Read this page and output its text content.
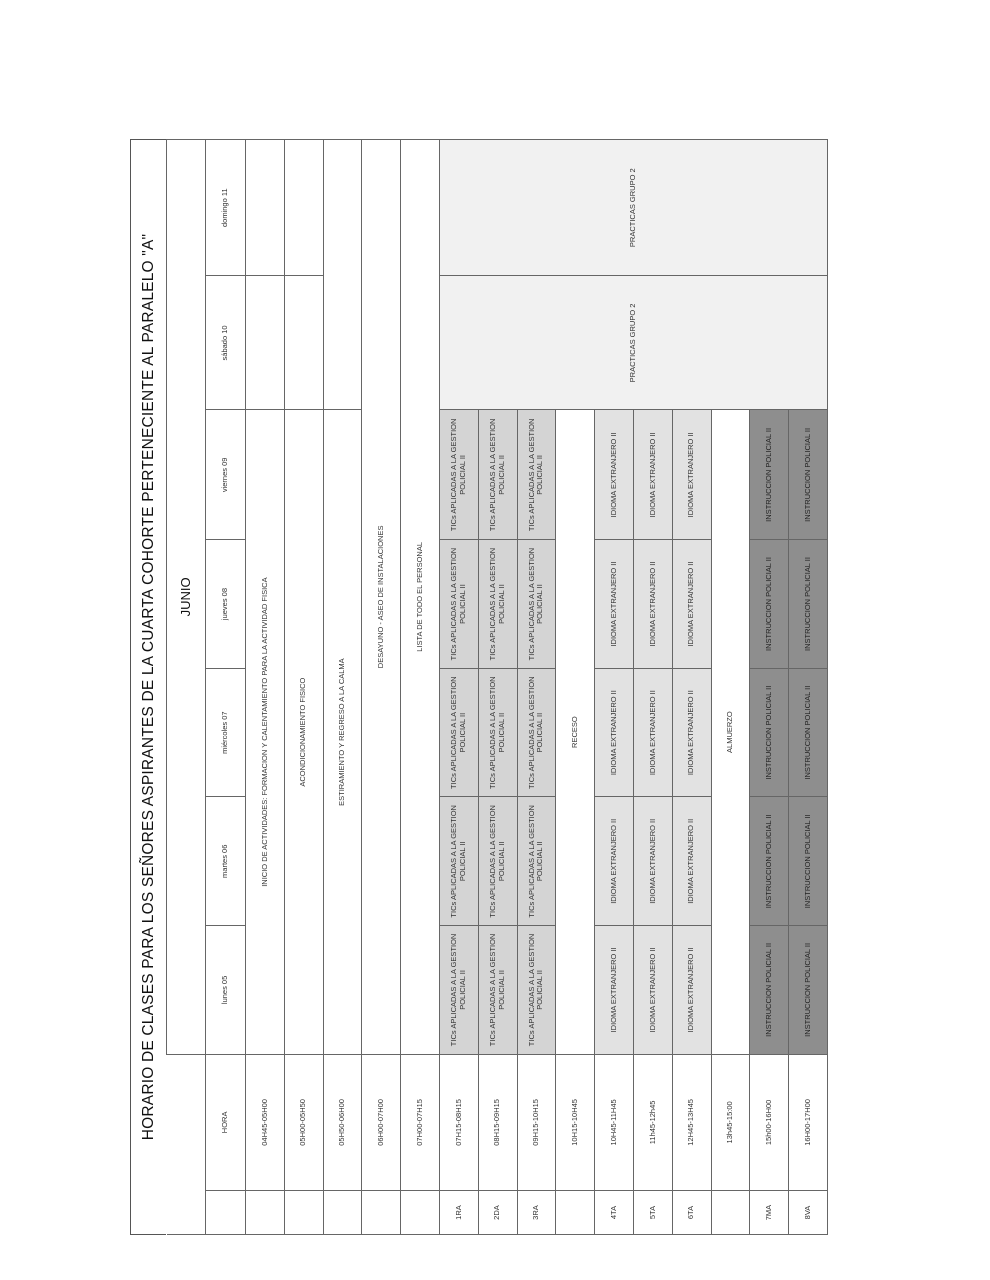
HORARIO DE CLASES PARA LOS SEÑORES ASPIRANTES DE LA CUARTA COHORTE PERTENECIENTE AL PARALELO "A"
		JUNIO						
	HORA	lunes 05	martes 06	miércoles 07	jueves 08	viernes 09	sábado 10	domingo 11
	04H45-05H00	INICIO DE ACTIVIDADES: FORMACION Y CALENTAMIENTO PARA LA ACTIVIDAD FISICA						
	05H00-05H50	ACONDICIONAMIENTO FISICO						
	05H50-06H00	ESTIRAMIENTO Y REGRESO A LA CALMA						
	06H00-07H00	DESAYUNO - ASEO DE INSTALACIONES						
	07H00-07H15	LISTA DE TODO EL PERSONAL						
1RA	07H15-08H15	TICs APLICADAS A LA GESTION POLICIAL II	TICs APLICADAS A LA GESTION POLICIAL II	TICs APLICADAS A LA GESTION POLICIAL II	TICs APLICADAS A LA GESTION POLICIAL II	TICs APLICADAS A LA GESTION POLICIAL II	PRACTICAS GRUPO 2	PRACTICAS GRUPO 2
2DA	08H15-09H15	TICs APLICADAS A LA GESTION POLICIAL II	TICs APLICADAS A LA GESTION POLICIAL II	TICs APLICADAS A LA GESTION POLICIAL II	TICs APLICADAS A LA GESTION POLICIAL II	TICs APLICADAS A LA GESTION POLICIAL II		
3RA	09H15-10H15	TICs APLICADAS A LA GESTION POLICIAL II	TICs APLICADAS A LA GESTION POLICIAL II	TICs APLICADAS A LA GESTION POLICIAL II	TICs APLICADAS A LA GESTION POLICIAL II	TICs APLICADAS A LA GESTION POLICIAL II		
	10H15-10H45	RECESO						
4TA	10H45-11H45	IDIOMA EXTRANJERO II	IDIOMA EXTRANJERO II	IDIOMA EXTRANJERO II	IDIOMA EXTRANJERO II	IDIOMA EXTRANJERO II		
5TA	11h45-12h45	IDIOMA EXTRANJERO II	IDIOMA EXTRANJERO II	IDIOMA EXTRANJERO II	IDIOMA EXTRANJERO II	IDIOMA EXTRANJERO II		
6TA	12H45-13H45	IDIOMA EXTRANJERO II	IDIOMA EXTRANJERO II	IDIOMA EXTRANJERO II	IDIOMA EXTRANJERO II	IDIOMA EXTRANJERO II		
	13h45-15:00	ALMUERZO						
7MA	15h00-16H00	INSTRUCCION POLICIAL II	INSTRUCCION POLICIAL II	INSTRUCCION POLICIAL II	INSTRUCCION POLICIAL II	INSTRUCCION POLICIAL II		
8VA	16H00-17H00	INSTRUCCION POLICIAL II	INSTRUCCION POLICIAL II	INSTRUCCION POLICIAL II	INSTRUCCION POLICIAL II	INSTRUCCION POLICIAL II		
